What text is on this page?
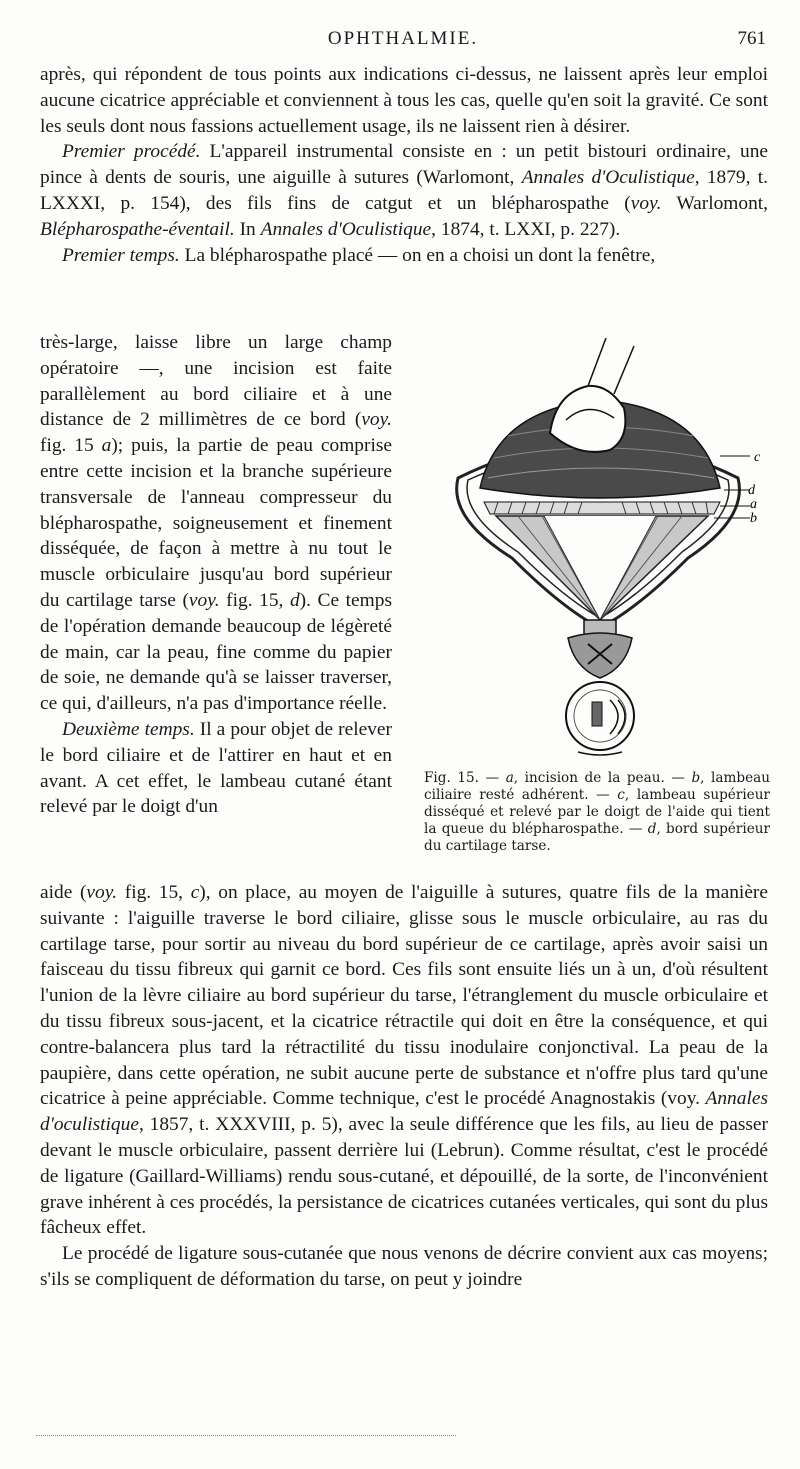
OPHTHALMIE.	761

après, qui répondent de tous points aux indications ci-dessus, ne laissent après leur emploi aucune cicatrice appréciable et conviennent à tous les cas, quelle qu'en soit la gravité. Ce sont les seuls dont nous fassions actuellement usage, ils ne laissent rien à désirer.

Premier procédé. L'appareil instrumental consiste en : un petit bistouri ordinaire, une pince à dents de souris, une aiguille à sutures (Warlomont, Annales d'Oculistique, 1879, t. LXXXI, p. 154), des fils fins de catgut et un blépharospathe (voy. Warlomont, Blépharospathe-éventail. In Annales d'Oculistique, 1874, t. LXXI, p. 227).

Premier temps. La blépharospathe placé — on en a choisi un dont la fenêtre,

très-large, laisse libre un large champ opératoire —, une incision est faite parallèlement au bord ciliaire et à une distance de 2 millimètres de ce bord (voy. fig. 15 a); puis, la partie de peau comprise entre cette incision et la branche supérieure transversale de l'anneau compresseur du blépharospathe, soigneusement et finement disséquée, de façon à mettre à nu tout le muscle orbiculaire jusqu'au bord supérieur du cartilage tarse (voy. fig. 15, d). Ce temps de l'opération demande beaucoup de légèreté de main, car la peau, fine comme du papier de soie, ne demande qu'à se laisser traverser, ce qui, d'ailleurs, n'a pas d'importance réelle.

Deuxième temps. Il a pour objet de relever le bord ciliaire et de l'attirer en haut et en avant. A cet effet, le lambeau cutané étant relevé par le doigt d'un

aide (voy. fig. 15, c), on place, au moyen de l'aiguille à sutures, quatre fils de la manière suivante : l'aiguille traverse le bord ciliaire, glisse sous le muscle orbiculaire, au ras du cartilage tarse, pour sortir au niveau du bord supérieur de ce cartilage, après avoir saisi un faisceau du tissu fibreux qui garnit ce bord. Ces fils sont ensuite liés un à un, d'où résultent l'union de la lèvre ciliaire au bord supérieur du tarse, l'étranglement du muscle orbiculaire et du tissu fibreux sous-jacent, et la cicatrice rétractile qui doit en être la conséquence, et qui contre-balancera plus tard la rétractilité du tissu inodulaire conjonctival. La peau de la paupière, dans cette opération, ne subit aucune perte de substance et n'offre plus tard qu'une cicatrice à peine appréciable. Comme technique, c'est le procédé Anagnostakis (voy. Annales d'oculistique, 1857, t. XXXVIII, p. 5), avec la seule différence que les fils, au lieu de passer devant le muscle orbiculaire, passent derrière lui (Lebrun). Comme résultat, c'est le procédé de ligature (Gaillard-Williams) rendu sous-cutané, et dépouillé, de la sorte, de l'inconvénient grave inhérent à ces procédés, la persistance de cicatrices cutanées verticales, qui sont du plus fâcheux effet.

Le procédé de ligature sous-cutanée que nous venons de décrire convient aux cas moyens; s'ils se compliquent de déformation du tarse, on peut y joindre

c
d
a
b
Fig. 15. — a, incision de la peau. — b, lambeau ciliaire resté adhérent. — c, lambeau supérieur disséqué et relevé par le doigt de l'aide qui tient la queue du blépharospathe. — d, bord supérieur du cartilage tarse.
